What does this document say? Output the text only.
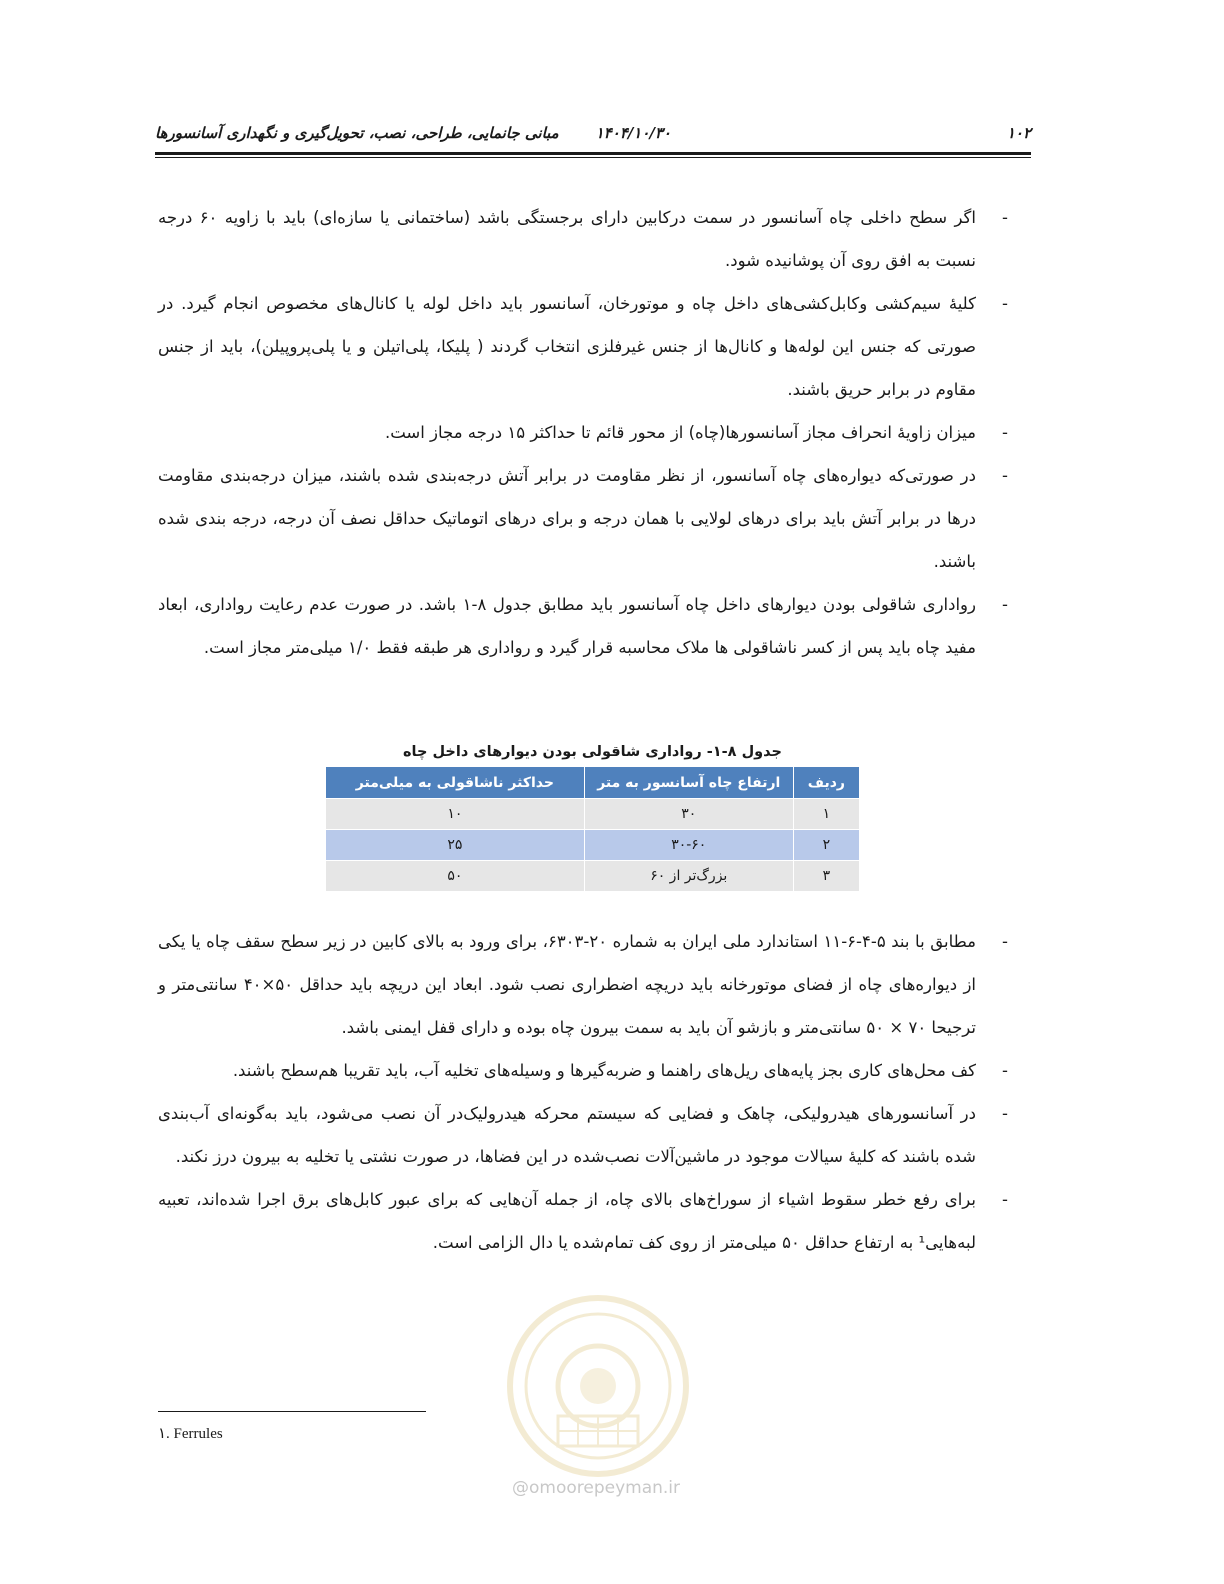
۱۰۲
۱۴۰۴/۱۰/۳۰
مبانی جانمایی، طراحی، نصب، تحویل‌گیری و نگهداری آسانسورها

-
اگر سطح داخلی چاه آسانسور در سمت درکابین دارای برجستگی باشد (ساختمانی یا سازه‌ای) باید با زاویه ۶۰ درجه نسبت به افق روی آن پوشانیده شود.

-
کلیهٔ سیم‌کشی وکابل‌کشی‌های داخل چاه و موتورخان، آسانسور باید داخل لوله یا کانال‌های مخصوص انجام گیرد. در صورتی که جنس این لوله‌ها و کانال‌ها از جنس غیرفلزی انتخاب گردند ( پلیکا، پلی‌اتیلن و یا پلی‌پروپیلن)، باید از جنس مقاوم در برابر حریق باشند.

-
میزان زاویهٔ انحراف مجاز آسانسورها(چاه) از محور قائم تا حداکثر ۱۵ درجه مجاز است.

-
در صورتی‌که دیواره‌های چاه آسانسور، از نظر مقاومت در برابر آتش درجه‌بندی شده باشند، میزان درجه‌بندی مقاومت درها در برابر آتش باید برای درهای لولایی با همان درجه و برای درهای اتوماتیک حداقل نصف آن درجه، درجه بندی شده باشند.

-
رواداری شاقولی بودن دیوارهای داخل چاه آسانسور باید مطابق جدول ۸-۱ باشد. در صورت عدم رعایت رواداری، ابعاد مفید چاه باید پس از کسر ناشاقولی ها ملاک محاسبه قرار گیرد و رواداری هر طبقه فقط ۱/۰ میلی‌متر مجاز است.

جدول ۸-۱- رواداری شاقولی بودن دیوارهای داخل چاه
ردیف	ارتفاع چاه آسانسور به متر	حداکثر ناشاقولی به میلی‌متر
۱	۳۰	۱۰
۲	۳۰-۶۰	۲۵
۳	بزرگ‌تر از ۶۰	۵۰

-
مطابق با بند ۵-۴-۶-۱۱ استاندارد ملی ایران به شماره ۲۰-۶۳۰۳، برای ورود به بالای کابین در زیر سطح سقف چاه یا یکی از دیواره‌های چاه از فضای موتورخانه باید دریچه اضطراری نصب شود. ابعاد این دریچه باید حداقل ۵۰×۴۰ سانتی‌متر و ترجیحا ۷۰ × ۵۰ سانتی‌متر و بازشو آن باید به سمت بیرون چاه بوده و دارای قفل ایمنی باشد.

-
کف محل‌های کاری بجز پایه‌های ریل‌های راهنما و ضربه‌گیرها و وسیله‌های تخلیه آب، باید تقریبا هم‌سطح باشند.

-
در آسانسورهای هیدرولیکی، چاهک و فضایی که سیستم محرکه هیدرولیک‌در آن نصب می‌شود، باید به‌گونه‌ای آب‌بندی شده باشند که کلیهٔ سیالات موجود در ماشین‌آلات نصب‌شده در این فضاها، در صورت نشتی یا تخلیه به بیرون درز نکند.

-
برای رفع خطر سقوط اشیاء از سوراخ‌های بالای چاه، از جمله آن‌هایی که برای عبور کابل‌های برق اجرا شده‌اند، تعبیه لبه‌هایی¹ به ارتفاع حداقل ۵۰ میلی‌متر از روی کف تمام‌شده یا دال الزامی است.

@omoorepeyman.ir
۱. Ferrules
